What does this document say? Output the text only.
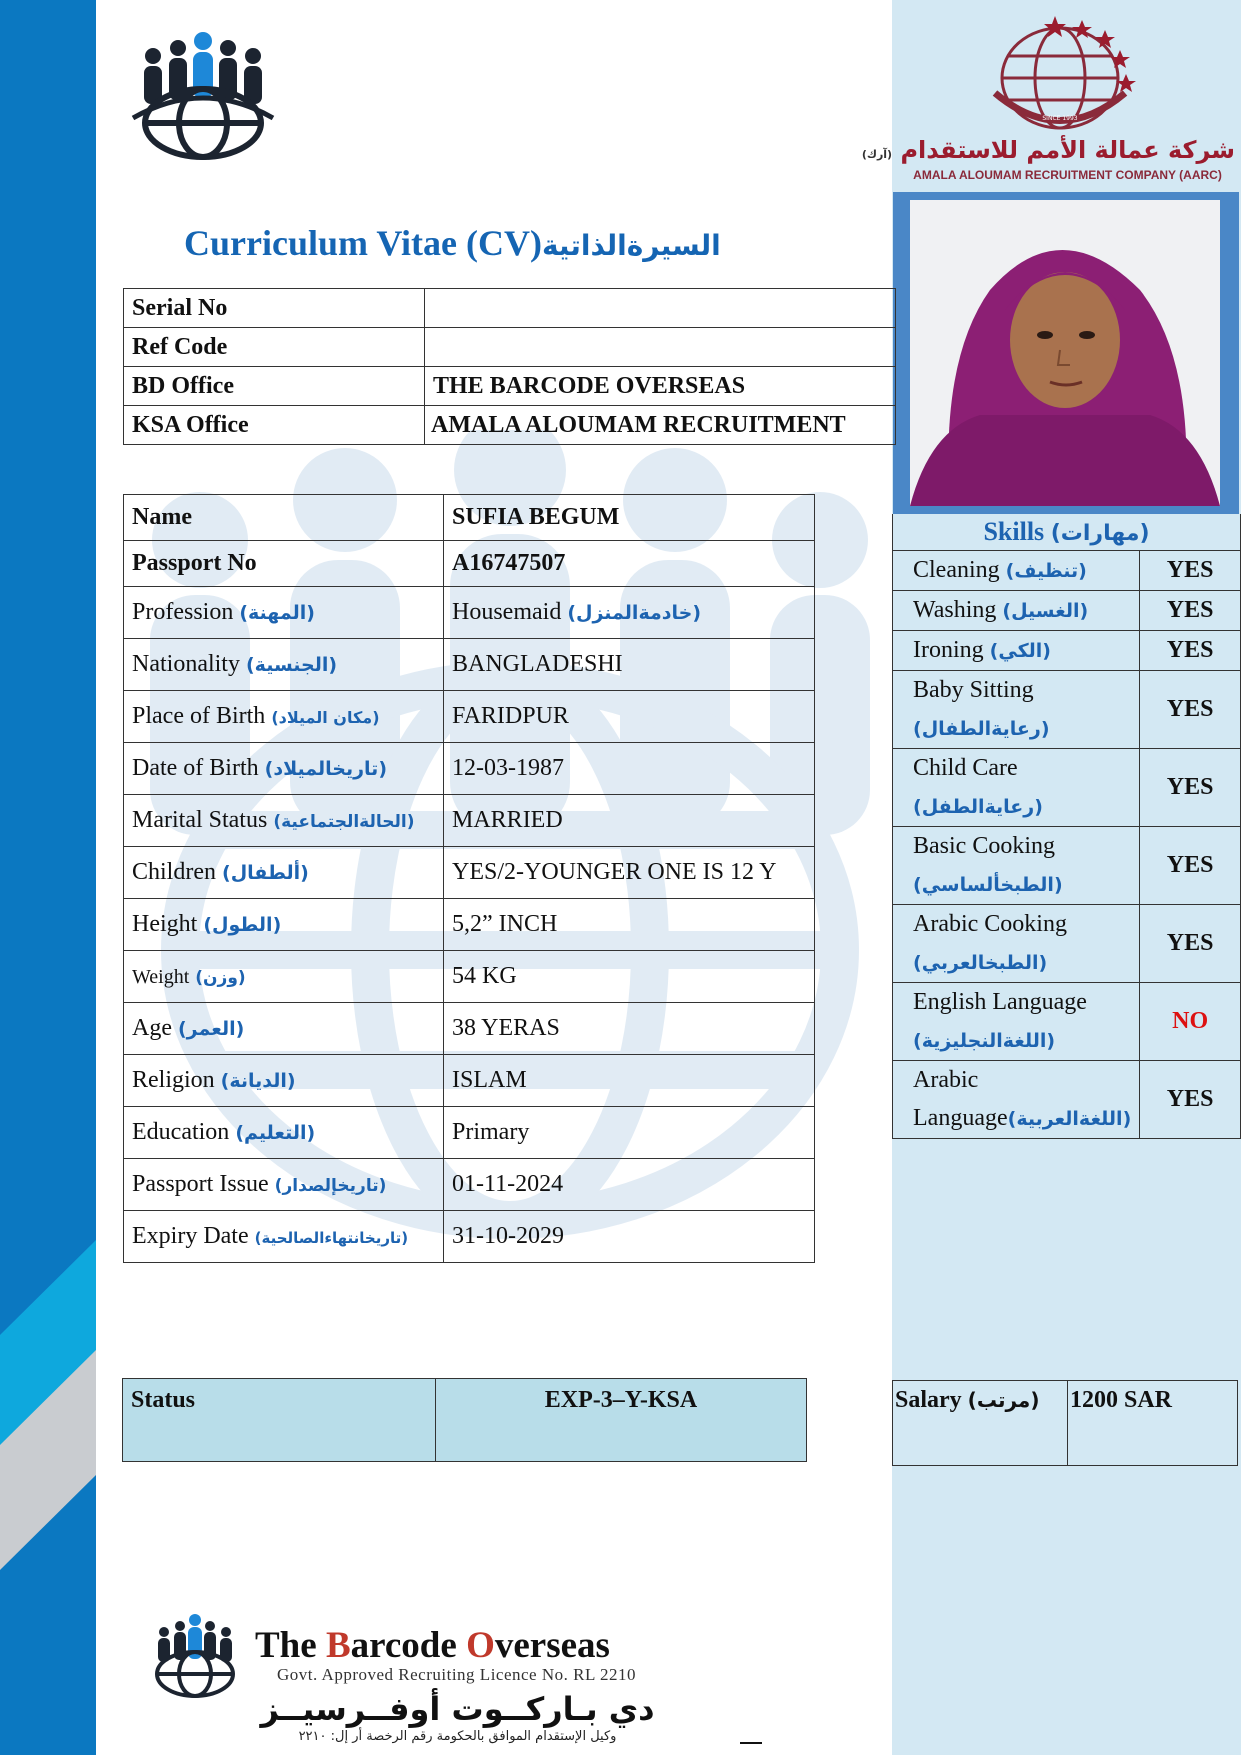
SINCE 1993
شركة عمالة الأمم للاستقدام (آرك)
AMALA ALOUMAM RECRUITMENT COMPANY (AARC)
Curriculum Vitae (CV)السيرةالذاتية
Serial No	
Ref Code	
BD Office	THE BARCODE OVERSEAS
KSA Office	AMALA ALOUMAM RECRUITMENT
Name	SUFIA BEGUM
Passport No	A16747507
Profession (المهنة)	Housemaid (خادمةالمنزل)
Nationality (الجنسية)	BANGLADESHI
Place of Birth (مكان الميلاد)	FARIDPUR
Date of Birth (تاريخالميلاد)	12-03-1987
Marital Status (الحالةالجتماعية)	MARRIED
Children (ألطفال)	YES/2-YOUNGER ONE IS 12 Y
Height (الطول)	5,2” INCH
Weight (وزن)	54 KG
Age (العمر)	38 YERAS
Religion (الديانة)	ISLAM
Education (التعليم)	Primary
Passport Issue (تاريخإلصدار)	01-11-2024
Expiry Date (تاريخانتهاءالصالحية)	31-10-2029
Skills (مهارات)	
Cleaning (تنظيف)	YES
Washing (الغسيل)	YES
Ironing (الكي)	YES
Baby Sitting
(رعايةالطفال)	YES
Child Care
(رعايةالطفل)	YES
Basic Cooking
(الطبخألساسي)	YES
Arabic Cooking
(الطبخالعربي)	YES
English Language
(اللغةالنجليزية)	NO
Arabic
Language(اللغةالعربية)	YES
Status	EXP-3–Y-KSA	Salary (مرتب)	1200 SAR
The Barcode Overseas
Govt. Approved Recruiting Licence No. RL 2210
دي بـاركــوت أوفــرسيــز
وكيل الإستقدام الموافق بالحكومة رقم الرخصة أر إل: ٢٢١٠
